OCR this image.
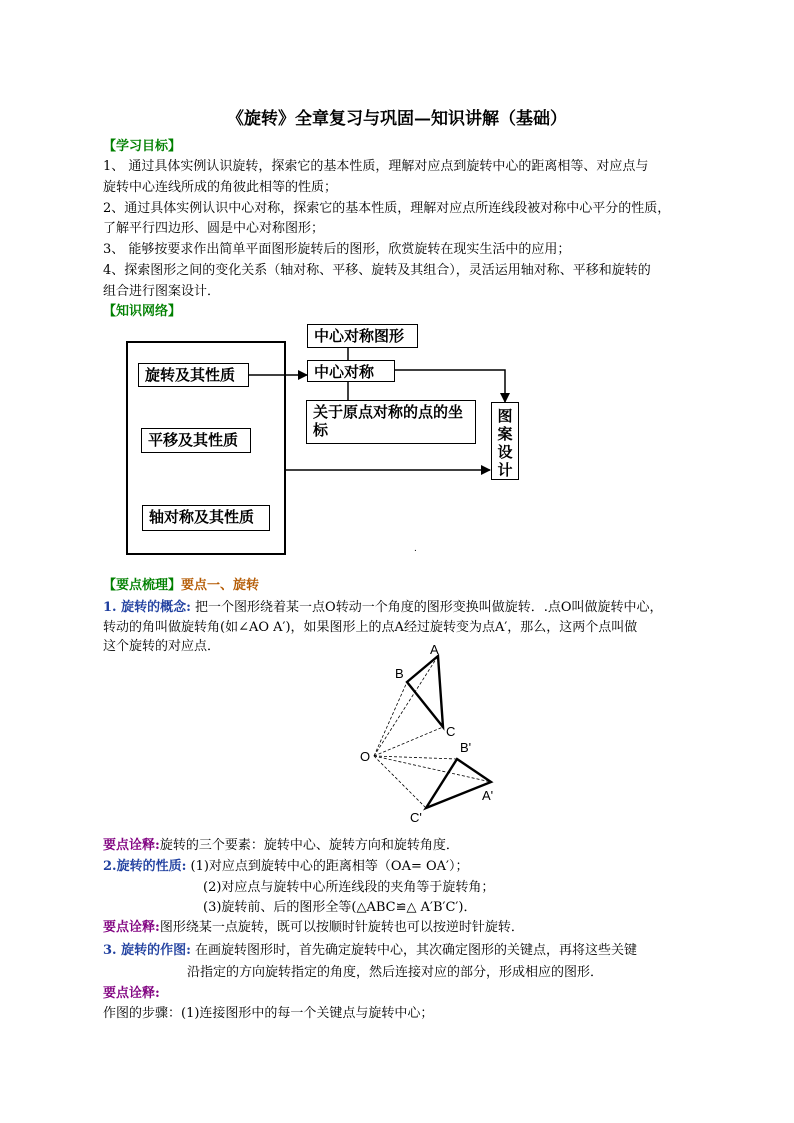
《旋转》全章复习与巩固—知识讲解（基础）
【学习目标】
1、 通过具体实例认识旋转，探索它的基本性质，理解对应点到旋转中心的距离相等、对应点与
旋转中心连线所成的角彼此相等的性质；
2、通过具体实例认识中心对称，探索它的基本性质，理解对应点所连线段被对称中心平分的性质，
了解平行四边形、圆是中心对称图形；
3、 能够按要求作出简单平面图形旋转后的图形，欣赏旋转在现实生活中的应用；
4、探索图形之间的变化关系（轴对称、平移、旋转及其组合），灵活运用轴对称、平移和旋转的
组合进行图案设计．
【知识网络】
.
旋转及其性质
平移及其性质
轴对称及其性质
中心对称图形
中心对称
关于原点对称的点的坐标
图案设计
【要点梳理】要点一、旋转
1. 旋转的概念: 把一个图形绕着某一点O转动一个角度的图形变换叫做旋转．.点O叫做旋转中心，
转动的角叫做旋转角(如∠AO A′)，如果图形上的点A经过旋转变为点A′，那么，这两个点叫做
这个旋转的对应点．	A
B
C
O
B'
A'
C'
要点诠释:旋转的三个要素：旋转中心、旋转方向和旋转角度．
2.旋转的性质: (1)对应点到旋转中心的距离相等（OA= OA′）；
(2)对应点与旋转中心所连线段的夹角等于旋转角；
(3)旋转前、后的图形全等(△ABC≌△ A′B′C′)．
要点诠释:图形绕某一点旋转，既可以按顺时针旋转也可以按逆时针旋转．
3. 旋转的作图: 在画旋转图形时，首先确定旋转中心，其次确定图形的关键点，再将这些关键
沿指定的方向旋转指定的角度，然后连接对应的部分，形成相应的图形．
要点诠释:
作图的步骤：(1)连接图形中的每一个关键点与旋转中心；
